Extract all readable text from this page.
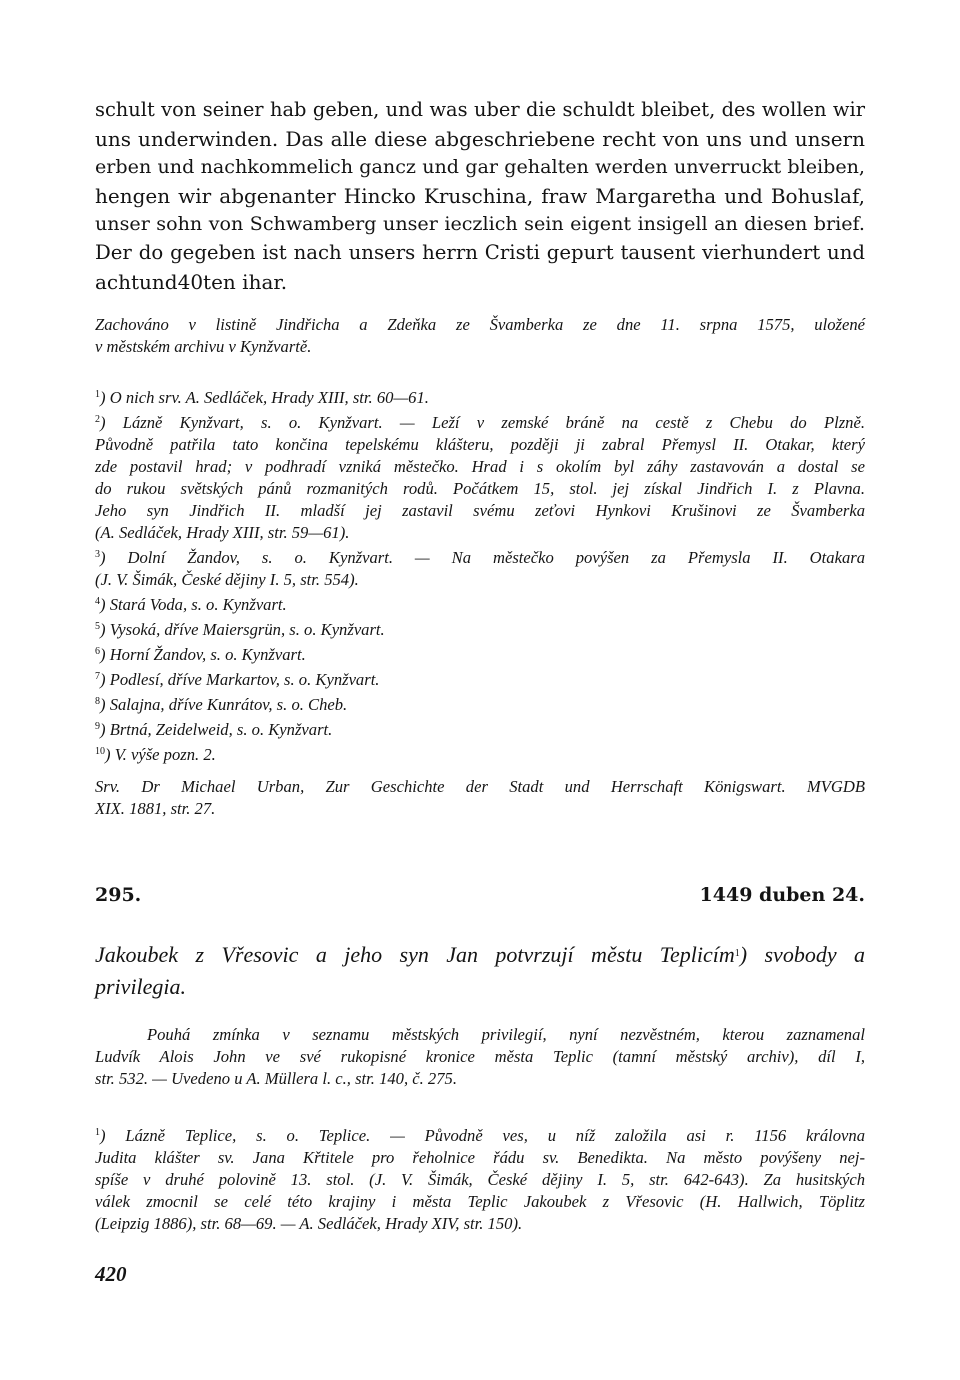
schult von seiner hab geben, und was uber die schuldt bleibet, des wollen wir
uns underwinden. Das alle diese abgeschriebene recht von uns und unsern
erben und nachkommelich gancz und gar gehalten werden unverruckt bleiben,
hengen wir abgenanter Hincko Kruschina, fraw Margaretha und Bohuslaf,
unser sohn von Schwamberg unser ieczlich sein eigent insigell an diesen brief.
Der do gegeben ist nach unsers herrn Cristi gepurt tausent vierhundert und
achtund40ten ihar.
Zachováno v listině Jindřicha a Zdeňka ze Švamberka ze dne 11. srpna 1575, uložené
v městském archivu v Kynžvartě.
$^1$) O nich srv. A. Sedláček, Hrady XIII, str. 60—61.
$^2$) Lázně Kynžvart, s. o. Kynžvart. — Leží v zemské bráně na cestě z Chebu do Plzně.
Původně patřila tato končina tepelskému klášteru, později ji zabral Přemysl II. Otakar, který
zde postavil hrad; v podhradí vzniká městečko. Hrad i s okolím byl záhy zastavován a dostal se
do rukou světských pánů rozmanitých rodů. Počátkem 15, stol. jej získal Jindřich I. z Plavna.
Jeho syn Jindřich II. mladší jej zastavil svému zeťovi Hynkovi Krušinovi ze Švamberka
(A. Sedláček, Hrady XIII, str. 59—61).
$^3$) Dolní Žandov, s. o. Kynžvart. — Na městečko povýšen za Přemysla II. Otakara
(J. V. Šimák, České dějiny I. 5, str. 554).
$^4$) Stará Voda, s. o. Kynžvart.
$^5$) Vysoká, dříve Maiersgrün, s. o. Kynžvart.
$^6$) Horní Žandov, s. o. Kynžvart.
$^7$) Podlesí, dříve Markartov, s. o. Kynžvart.
$^8$) Salajna, dříve Kunrátov, s. o. Cheb.
$^9$) Brtná, Zeidelweid, s. o. Kynžvart.
$^{10}$) V. výše pozn. 2.
Srv. Dr Michael Urban, Zur Geschichte der Stadt und Herrschaft Königswart. MVGDB
XIX. 1881, str. 27.
295.	1449 duben 24.
Jakoubek z Vřesovic a jeho syn Jan potvrzují městu Teplicím$^1$) svobody a
privilegia.
Pouhá zmínka v seznamu městských privilegií, nyní nezvěstném, kterou zaznamenal
Ludvík Alois John ve své rukopisné kronice města Teplic (tamní městský archiv), díl I,
str. 532. — Uvedeno u A. Müllera l. c., str. 140, č. 275.
$^1$) Lázně Teplice, s. o. Teplice. — Původně ves, u níž založila asi r. 1156 královna
Judita klášter sv. Jana Křtitele pro řeholnice řádu sv. Benedikta. Na město povýšeny nej-
spíše v druhé polovině 13. stol. (J. V. Šimák, České dějiny I. 5, str. 642-643). Za husitských
válek zmocnil se celé této krajiny i města Teplic Jakoubek z Vřesovic (H. Hallwich, Töplitz
(Leipzig 1886), str. 68—69. — A. Sedláček, Hrady XIV, str. 150).
420
